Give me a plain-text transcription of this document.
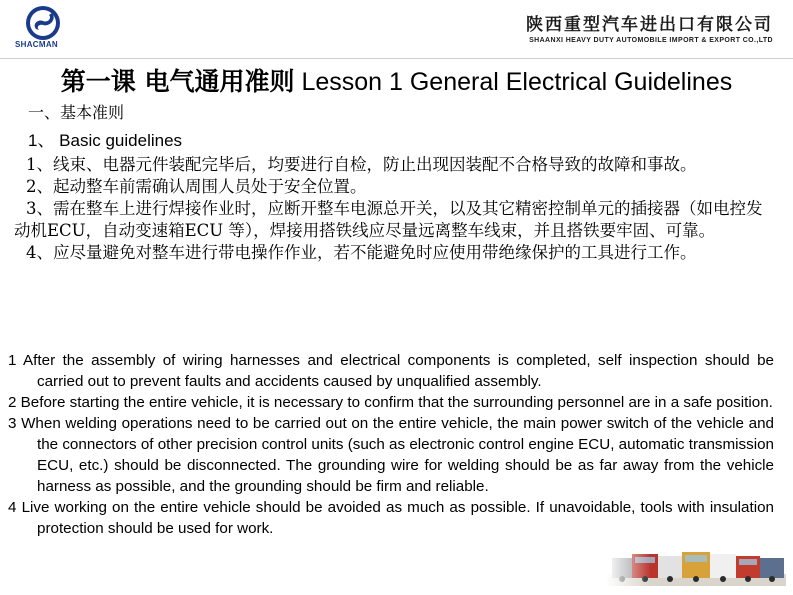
SHACMAN
陕西重型汽车进出口有限公司
SHAANXI HEAVY DUTY AUTOMOBILE IMPORT & EXPORT CO.,LTD
第一课 电气通用准则 Lesson 1 General Electrical Guidelines
一、基本准则
1、 Basic guidelines

1、线束、电器元件装配完毕后，均要进行自检，防止出现因装配不合格导致的故障和事故。

2、起动整车前需确认周围人员处于安全位置。

3、需在整车上进行焊接作业时，应断开整车电源总开关，以及其它精密控制单元的插接器（如电控发动机ECU，自动变速箱ECU 等），焊接用搭铁线应尽量远离整车线束，并且搭铁要牢固、可靠。

4、应尽量避免对整车进行带电操作作业，若不能避免时应使用带绝缘保护的工具进行工作。

1 After the assembly of wiring harnesses and electrical components is completed, self inspection should be carried out to prevent faults and accidents caused by unqualified assembly.

2 Before starting the entire vehicle, it is necessary to confirm that the surrounding personnel are in a safe position.

3 When welding operations need to be carried out on the entire vehicle, the main power switch of the vehicle and the connectors of other precision control units (such as electronic control engine ECU, automatic transmission ECU, etc.) should be disconnected. The grounding wire for welding should be as far away from the vehicle harness as possible, and the grounding should be firm and reliable.

4 Live working on the entire vehicle should be avoided as much as possible. If unavoidable, tools with insulation protection should be used for work.
